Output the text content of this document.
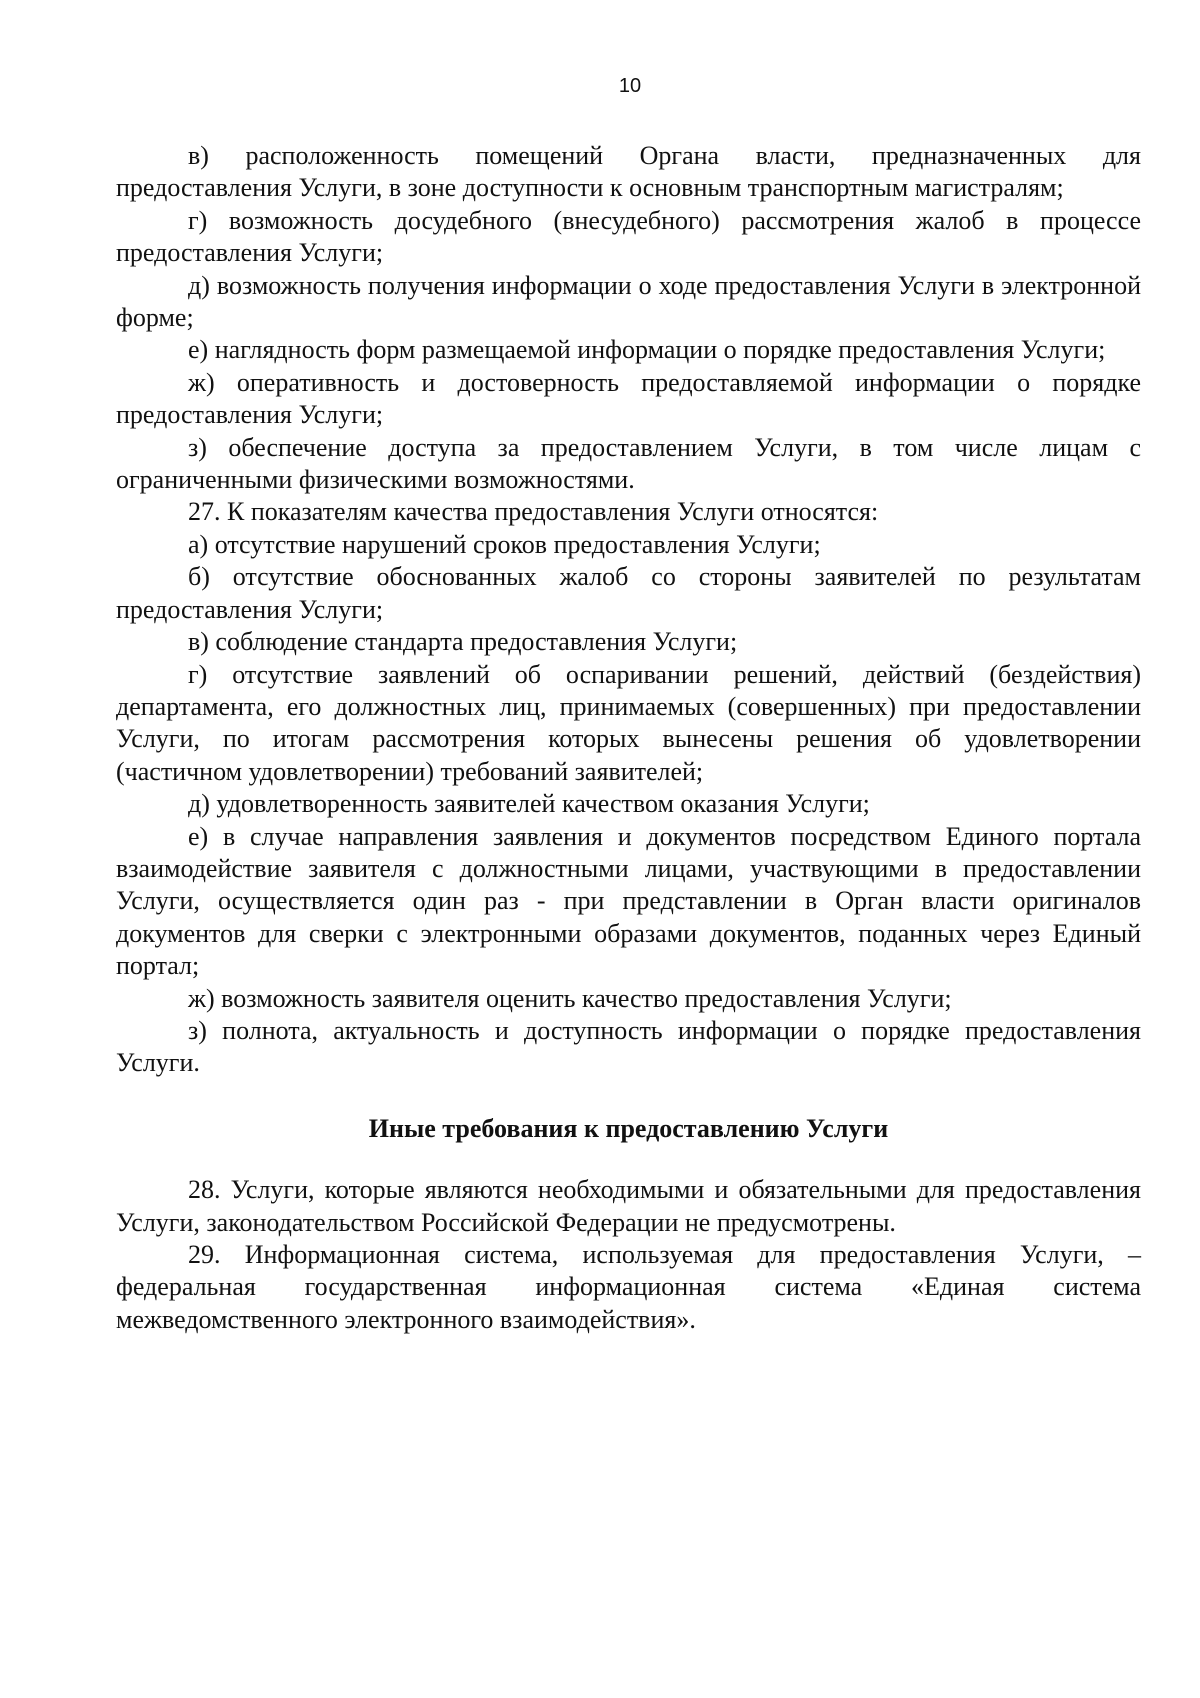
10

в) расположенность помещений Органа власти, предназначенных для предоставления Услуги, в зоне доступности к основным транспортным магистралям;

г) возможность досудебного (внесудебного) рассмотрения жалоб в процессе предоставления Услуги;

д) возможность получения информации о ходе предоставления Услуги в электронной форме;

е) наглядность форм размещаемой информации о порядке предоставления Услуги;

ж) оперативность и достоверность предоставляемой информации о порядке предоставления Услуги;

з) обеспечение доступа за предоставлением Услуги, в том числе лицам с ограниченными физическими возможностями.

27. К показателям качества предоставления Услуги относятся:

а) отсутствие нарушений сроков предоставления Услуги;

б) отсутствие обоснованных жалоб со стороны заявителей по результатам предоставления Услуги;

в) соблюдение стандарта предоставления Услуги;

г) отсутствие заявлений об оспаривании решений, действий (бездействия) департамента, его должностных лиц, принимаемых (совершенных) при предоставлении Услуги, по итогам рассмотрения которых вынесены решения об удовлетворении (частичном удовлетворении) требований заявителей;

д) удовлетворенность заявителей качеством оказания Услуги;

е) в случае направления заявления и документов посредством Единого портала взаимодействие заявителя с должностными лицами, участвующими в предоставлении Услуги, осуществляется один раз - при представлении в Орган власти оригиналов документов для сверки с электронными образами документов, поданных через Единый портал;

ж) возможность заявителя оценить качество предоставления Услуги;

з) полнота, актуальность и доступность информации о порядке предоставления Услуги.

Иные требования к предоставлению Услуги

28. Услуги, которые являются необходимыми и обязательными для предоставления Услуги, законодательством Российской Федерации не предусмотрены.

29. Информационная система, используемая для предоставления Услуги, – федеральная государственная информационная система «Единая система межведомственного электронного взаимодействия».
